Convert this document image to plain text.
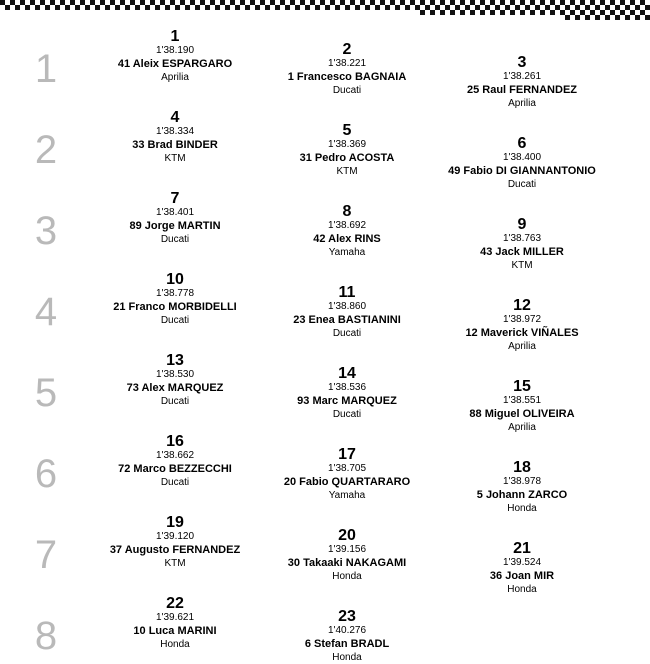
1
1
1'38.190
41 Aleix ESPARGARO
Aprilia
2
1'38.221
1 Francesco BAGNAIA
Ducati
3
1'38.261
25 Raul FERNANDEZ
Aprilia
2
4
1'38.334
33 Brad BINDER
KTM
5
1'38.369
31 Pedro ACOSTA
KTM
6
1'38.400
49 Fabio DI GIANNANTONIO
Ducati
3
7
1'38.401
89 Jorge MARTIN
Ducati
8
1'38.692
42 Alex RINS
Yamaha
9
1'38.763
43 Jack MILLER
KTM
4
10
1'38.778
21 Franco MORBIDELLI
Ducati
11
1'38.860
23 Enea BASTIANINI
Ducati
12
1'38.972
12 Maverick VIÑALES
Aprilia
5
13
1'38.530
73 Alex MARQUEZ
Ducati
14
1'38.536
93 Marc MARQUEZ
Ducati
15
1'38.551
88 Miguel OLIVEIRA
Aprilia
6
16
1'38.662
72 Marco BEZZECCHI
Ducati
17
1'38.705
20 Fabio QUARTARARO
Yamaha
18
1'38.978
5 Johann ZARCO
Honda
7
19
1'39.120
37 Augusto FERNANDEZ
KTM
20
1'39.156
30 Takaaki NAKAGAMI
Honda
21
1'39.524
36 Joan MIR
Honda
8
22
1'39.621
10 Luca MARINI
Honda
23
1'40.276
6 Stefan BRADL
Honda
